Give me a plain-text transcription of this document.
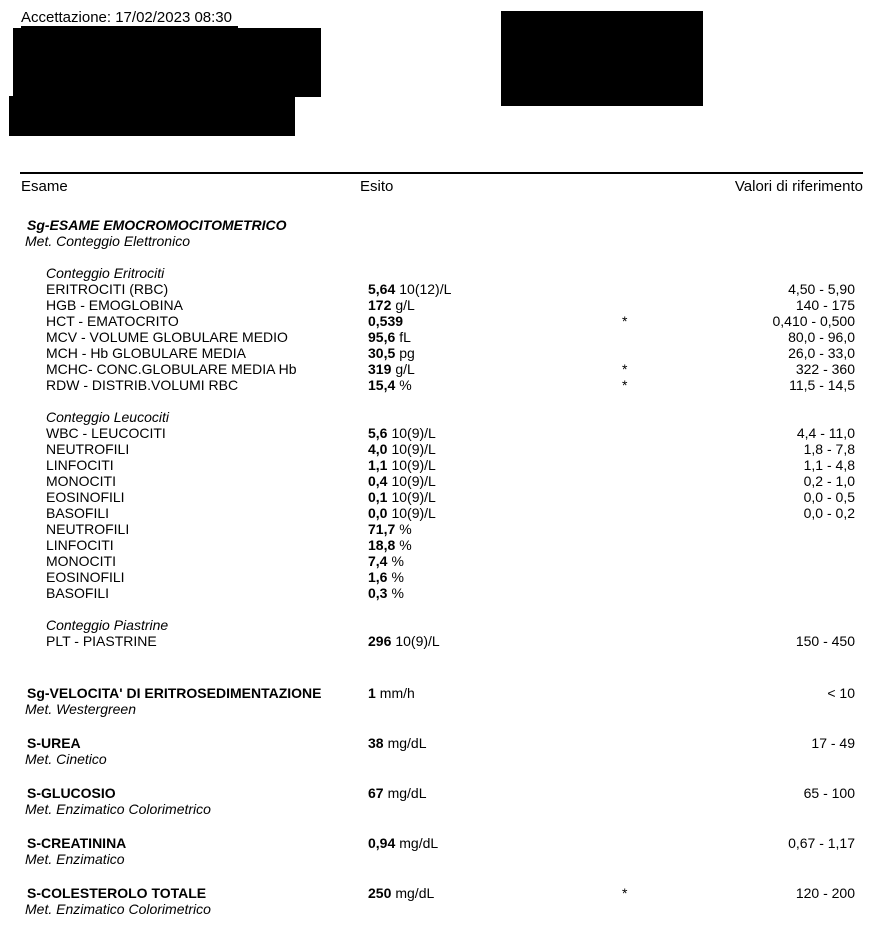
Accettazione: 17/02/2023 08:30
Esame	Esito	Valori di riferimento
Sg-ESAME EMOCROMOCITOMETRICO
Met. Conteggio Elettronico
Conteggio Eritrociti
ERITROCITI (RBC)	5,64 10(12)/L	4,50 - 5,90
HGB - EMOGLOBINA	172 g/L	140 - 175
HCT - EMATOCRITO	0,539	*	0,410 - 0,500
MCV - VOLUME GLOBULARE MEDIO	95,6 fL	80,0 - 96,0
MCH - Hb GLOBULARE MEDIA	30,5 pg	26,0 - 33,0
MCHC- CONC.GLOBULARE MEDIA Hb	319 g/L	*	322 - 360
RDW - DISTRIB.VOLUMI RBC	15,4 %	*	11,5 - 14,5
Conteggio Leucociti
WBC - LEUCOCITI	5,6 10(9)/L	4,4 - 11,0
NEUTROFILI	4,0 10(9)/L	1,8 - 7,8
LINFOCITI	1,1 10(9)/L	1,1 - 4,8
MONOCITI	0,4 10(9)/L	0,2 - 1,0
EOSINOFILI	0,1 10(9)/L	0,0 - 0,5
BASOFILI	0,0 10(9)/L	0,0 - 0,2
NEUTROFILI	71,7 %
LINFOCITI	18,8 %
MONOCITI	7,4 %
EOSINOFILI	1,6 %
BASOFILI	0,3 %
Conteggio Piastrine
PLT - PIASTRINE	296 10(9)/L	150 - 450
Sg-VELOCITA' DI ERITROSEDIMENTAZIONE	1 mm/h	< 10
Met. Westergreen
S-UREA	38 mg/dL	17 - 49
Met. Cinetico
S-GLUCOSIO	67 mg/dL	65 - 100
Met. Enzimatico Colorimetrico
S-CREATININA	0,94 mg/dL	0,67 - 1,17
Met. Enzimatico
S-COLESTEROLO TOTALE	250 mg/dL	*	120 - 200
Met. Enzimatico Colorimetrico
